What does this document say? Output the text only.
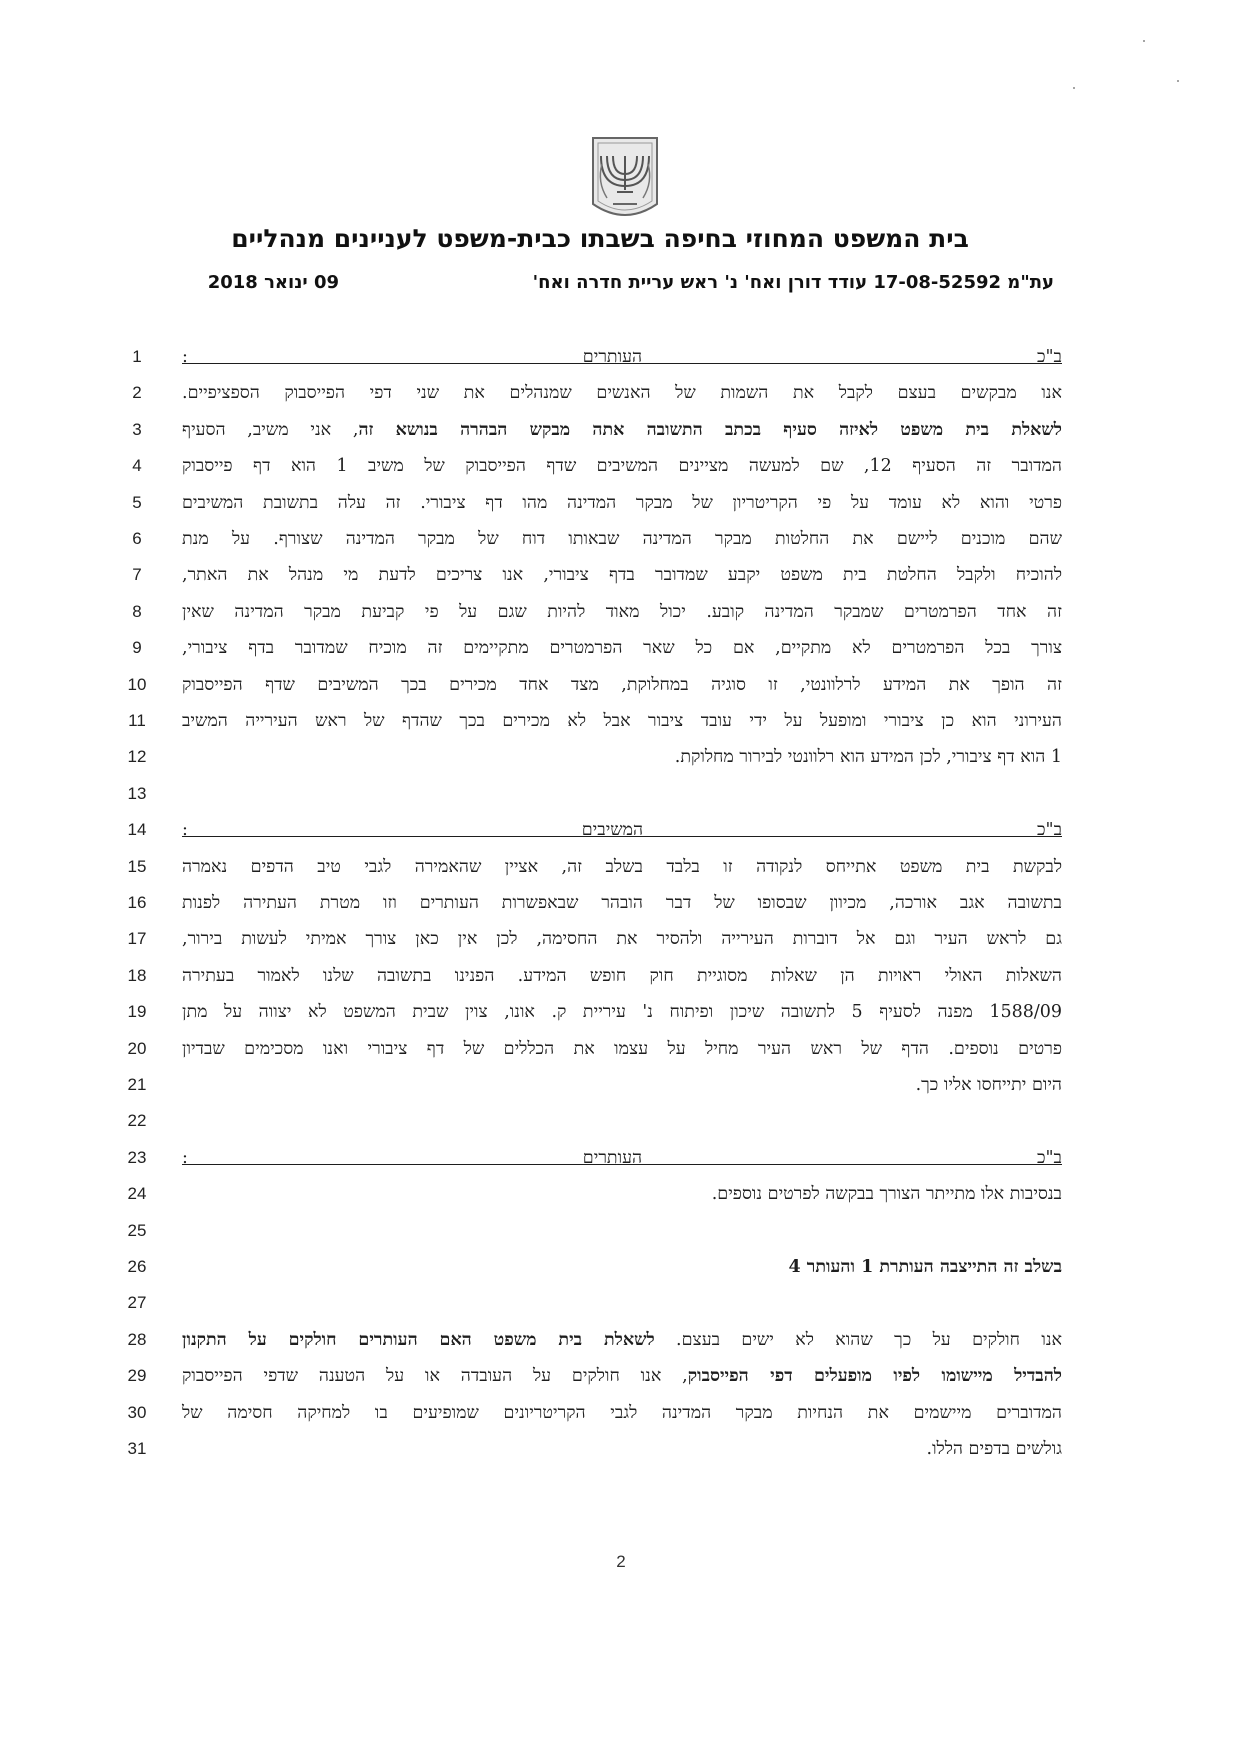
בית המשפט המחוזי בחיפה בשבתו כבית-משפט לעניינים מנהליים
עת"מ 17-08-52592 עודד דורן ואח' נ' ראש עריית חדרה ואח'
09 ינואר 2018
1	ב"כ העותרים :
2	אנו מבקשים בעצם לקבל את השמות של האנשים שמנהלים את שני דפי הפייסבוק הספציפיים.
3	לשאלת בית משפט לאיזה סעיף בכתב התשובה אתה מבקש הבהרה בנושא זה, אני משיב, הסעיף
4	המדובר זה הסעיף 12, שם למעשה מציינים המשיבים שדף הפייסבוק של משיב 1 הוא דף פייסבוק
5	פרטי והוא לא עומד על פי הקריטריון של מבקר המדינה מהו דף ציבורי. זה עלה בתשובת המשיבים
6	שהם מוכנים ליישם את החלטות מבקר המדינה שבאותו דוח של מבקר המדינה שצורף. על מנת
7	להוכיח ולקבל החלטת בית משפט יקבע שמדובר בדף ציבורי, אנו צריכים לדעת מי מנהל את האתר,
8	זה אחד הפרמטרים שמבקר המדינה קובע. יכול מאוד להיות שגם על פי קביעת מבקר המדינה שאין
9	צורך בכל הפרמטרים לא מתקיים, אם כל שאר הפרמטרים מתקיימים זה מוכיח שמדובר בדף ציבורי,
10	זה הופך את המידע לרלוונטי, זו סוגיה במחלוקת, מצד אחד מכירים בכך המשיבים שדף הפייסבוק
11	העירוני הוא כן ציבורי ומופעל על ידי עובד ציבור אבל לא מכירים בכך שהדף של ראש העירייה המשיב
12	1 הוא דף ציבורי, לכן המידע הוא רלוונטי לבירור מחלוקת.
13
14	ב"כ המשיבים :
15	לבקשת בית משפט אתייחס לנקודה זו בלבד בשלב זה, אציין שהאמירה לגבי טיב הדפים נאמרה
16	בתשובה אגב אורכה, מכיוון שבסופו של דבר הובהר שבאפשרות העותרים וזו מטרת העתירה לפנות
17	גם לראש העיר וגם אל דוברות העירייה ולהסיר את החסימה, לכן אין כאן צורך אמיתי לעשות בירור,
18	השאלות האולי ראויות הן שאלות מסוגיית חוק חופש המידע. הפנינו בתשובה שלנו לאמור בעתירה
19	1588/09 מפנה לסעיף 5 לתשובה שיכון ופיתוח נ' עיריית ק. אונו, צוין שבית המשפט לא יצווה על מתן
20	פרטים נוספים. הדף של ראש העיר מחיל על עצמו את הכללים של דף ציבורי ואנו מסכימים שבדיון
21	היום יתייחסו אליו כך.
22
23	ב"כ העותרים :
24	בנסיבות אלו מתייתר הצורך בבקשה לפרטים נוספים.
25
26	בשלב זה התייצבה העותרת 1 והעותר 4
27
28	אנו חולקים על כך שהוא לא ישים בעצם. לשאלת בית משפט האם העותרים חולקים על התקנון
29	להבדיל מיישומו לפיו מופעלים דפי הפייסבוק, אנו חולקים על העובדה או על הטענה שדפי הפייסבוק
30	המדוברים מיישמים את הנחיות מבקר המדינה לגבי הקריטריונים שמופיעים בו למחיקה חסימה של
31	גולשים בדפים הללו.
2
